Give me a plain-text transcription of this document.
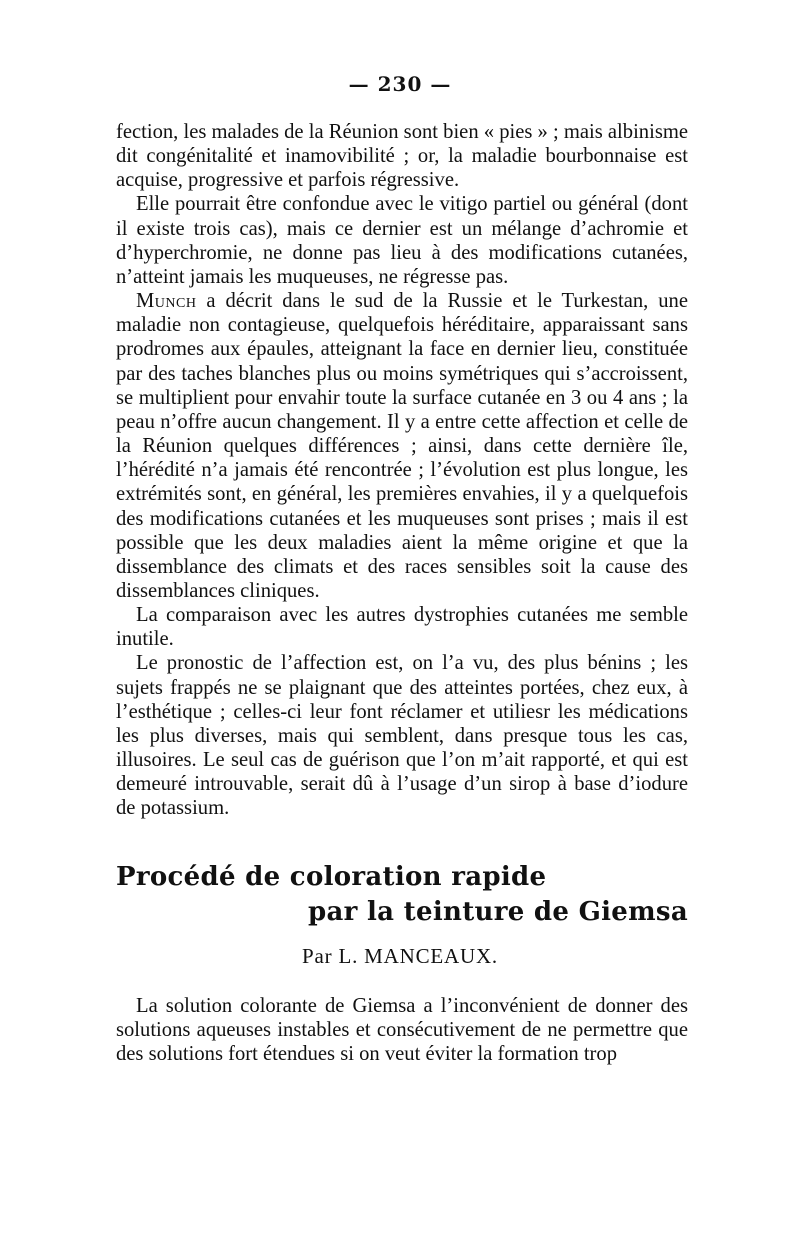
— 230 —

fection, les malades de la Réunion sont bien « pies » ; mais albinisme dit congénitalité et inamovibilité ; or, la maladie bourbonnaise est acquise, progressive et parfois régressive.

Elle pourrait être confondue avec le vitigo partiel ou général (dont il existe trois cas), mais ce dernier est un mélange d’achromie et d’hyperchromie, ne donne pas lieu à des modifications cutanées, n’atteint jamais les muqueuses, ne régresse pas.

Munch a décrit dans le sud de la Russie et le Turkestan, une maladie non contagieuse, quelquefois héréditaire, apparaissant sans prodromes aux épaules, atteignant la face en dernier lieu, constituée par des taches blanches plus ou moins symétriques qui s’accroissent, se multiplient pour envahir toute la surface cutanée en 3 ou 4 ans ; la peau n’offre aucun changement. Il y a entre cette affection et celle de la Réunion quelques différences ; ainsi, dans cette dernière île, l’hérédité n’a jamais été rencontrée ; l’évolution est plus longue, les extrémités sont, en général, les premières envahies, il y a quelquefois des modifications cutanées et les muqueuses sont prises ; mais il est possible que les deux maladies aient la même origine et que la dissemblance des climats et des races sensibles soit la cause des dissemblances cliniques.

La comparaison avec les autres dystrophies cutanées me semble inutile.

Le pronostic de l’affection est, on l’a vu, des plus bénins ; les sujets frappés ne se plaignant que des atteintes portées, chez eux, à l’esthétique ; celles-ci leur font réclamer et utiliesr les médications les plus diverses, mais qui semblent, dans presque tous les cas, illusoires. Le seul cas de guérison que l’on m’ait rapporté, et qui est demeuré introuvable, serait dû à l’usage d’un sirop à base d’iodure de potassium.

Procédé de coloration rapide
par la teinture de Giemsa
Par L. MANCEAUX.

La solution colorante de Giemsa a l’inconvénient de donner des solutions aqueuses instables et consécutivement de ne permettre que des solutions fort étendues si on veut éviter la formation trop
